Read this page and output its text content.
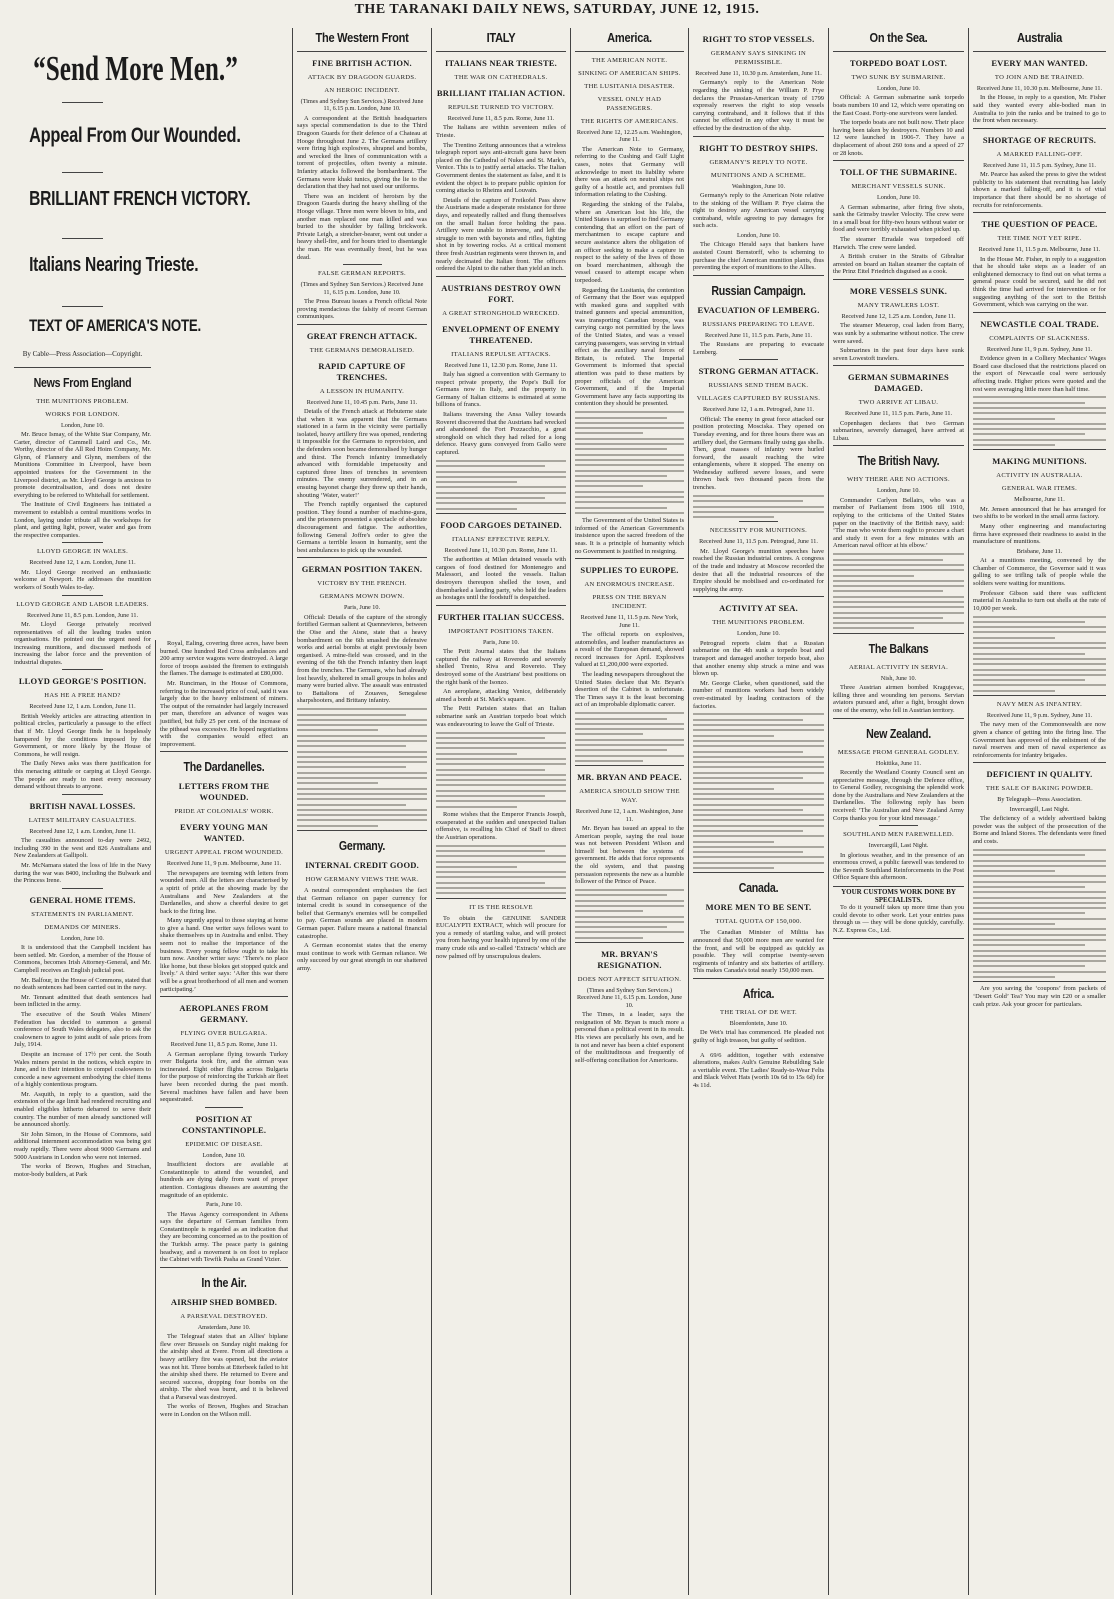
THE TARANAKI DAILY NEWS, SATURDAY, JUNE 12, 1915.
“Send More Men.”
Appeal From Our Wounded.
BRILLIANT FRENCH VICTORY.
Italians Nearing Trieste.
TEXT OF AMERICA'S NOTE.
By Cable—Press Association—Copyright.
News From England
THE MUNITIONS PROBLEM.
WORKS FOR LONDON.
London, June 10.

Mr. Bruce Ismay, of the White Star Company, Mr. Carter, director of Cammell Laird and Co., Mr. Worthy, director of the All Red Hoim Company, Mr. Glynn, of Flannery and Glynn, members of the Munitions Committee in Liverpool, have been appointed trustees for the Government in the Liverpool district, as Mr. Lloyd George is anxious to promote decentralisation, and does not desire everything to be referred to Whitehall for settlement.

The Institute of Civil Engineers has initiated a movement to establish a central munitions works in London, laying under tribute all the workshops for plant, and getting light, power, water and gas from the respective companies.

LLOYD GEORGE IN WALES.
Received June 12, 1 a.m. London, June 11.

Mr. Lloyd George received an enthusiastic welcome at Newport. He addresses the munition workers of South Wales to-day.

LLOYD GEORGE AND LABOR LEADERS.
Received June 11, 8.5 p.m. London, June 11.

Mr. Lloyd George privately received representatives of all the leading trades union organisations. He pointed out the urgent need for increasing munitions, and discussed methods of increasing the labor force and the prevention of industrial disputes.

LLOYD GEORGE'S POSITION.
HAS HE A FREE HAND?
Received June 12, 1 a.m. London, June 11.

British Weekly articles are attracting attention in political circles, particularly a passage to the effect that if Mr. Lloyd George finds he is hopelessly hampered by the conditions imposed by the Government, or more likely by the House of Commons, he will resign.

The Daily News asks was there justification for this menacing attitude or carping at Lloyd George. The people are ready to meet every necessary demand without threats to anyone.

BRITISH NAVAL LOSSES.
LATEST MILITARY CASUALTIES.
Received June 12, 1 a.m. London, June 11.

The casualties announced to-day were 2492, including 390 in the west and 826 Australians and New Zealanders at Gallipoli.

Mr. McNamara stated the loss of life in the Navy during the war was 8400, including the Bulwark and the Princess Irene.

GENERAL HOME ITEMS.
STATEMENTS IN PARLIAMENT.
DEMANDS OF MINERS.
London, June 10.

It is understood that the Campbell incident has been settled. Mr. Gordon, a member of the House of Commons, becomes Irish Attorney-General, and Mr. Campbell receives an English judicial post.

Mr. Balfour, in the House of Commons, stated that no death sentences had been carried out in the navy.

Mr. Tennant admitted that death sentences had been inflicted in the army.

The executive of the South Wales Miners' Federation has decided to summon a general conference of South Wales delegates, also to ask the coalowners to agree to joint audit of sale prices from July, 1914.

Despite an increase of 17½ per cent. the South Wales miners persist in the notices, which expire in June, and in their intention to compel coalowners to concede a new agreement embodying the chief items of a highly contentious program.

Mr. Asquith, in reply to a question, said the extension of the age limit had rendered recruiting and enabled eligibles hitherto debarred to serve their country. The number of men already sanctioned will be announced shortly.

Sir John Simon, in the House of Commons, said additional internment accommodation was being got ready rapidly. There were about 9000 Germans and 5000 Austrians in London who were not interned.

The works of Brown, Hughes and Strachan, motor-body builders, at Park

Royal, Ealing, covering three acres, have been burned. One hundred Red Cross ambulances and 200 army service wagons were destroyed. A large force of troops assisted the firemen to extinguish the flames. The damage is estimated at £80,000.

Mr. Runciman, in the House of Commons, referring to the increased price of coal, said it was largely due to the heavy enlistment of miners. The output of the remainder had largely increased per man, therefore an advance of wages was justified, but fully 25 per cent. of the increase of the pithead was excessive. He hoped negotiations with the companies would effect an improvement.

The Dardanelles.
LETTERS FROM THE WOUNDED.
PRIDE AT COLONIALS' WORK.
EVERY YOUNG MAN WANTED.
URGENT APPEAL FROM WOUNDED.
Received June 11, 9 p.m. Melbourne, June 11.

The newspapers are teeming with letters from wounded men. All the letters are characterised by a spirit of pride at the showing made by the Australians and New Zealanders at the Dardanelles, and show a cheerful desire to get back to the firing line.

Many urgently appeal to those staying at home to give a hand. One writer says fellows want to shake themselves up in Australia and enlist. They seem not to realise the importance of the business. Every young fellow ought to take his turn now. Another writer says: ‘There's no place like home, but these blokes get stopped quick and lively.’ A third writer says: ‘After this war there will be a great brotherhood of all men and women participating.’

AEROPLANES FROM GERMANY.
FLYING OVER BULGARIA.
Received June 11, 8.5 p.m. Rome, June 11.

A German aeroplane flying towards Turkey over Bulgaria took fire, and the airman was incinerated. Eight other flights across Bulgaria for the purpose of reinforcing the Turkish air fleet have been recorded during the past month. Several machines have fallen and have been sequestrated.

POSITION AT CONSTANTINOPLE.
EPIDEMIC OF DISEASE.
London, June 10.

Insufficient doctors are available at Constantinople to attend the wounded, and hundreds are dying daily from want of proper attention. Contagious diseases are assuming the magnitude of an epidemic.

Paris, June 10.

The Havas Agency correspondent in Athens says the departure of German families from Constantinople is regarded as an indication that they are becoming concerned as to the position of the Turkish army. The peace party is gaining headway, and a movement is on foot to replace the Cabinet with Tewfik Pasha as Grand Vizier.

In the Air.
AIRSHIP SHED BOMBED.
A PARSEVAL DESTROYED.
Amsterdam, June 10.

The Telegraaf states that an Allies' biplane flew over Brussels on Sunday night making for the airship shed at Evere. From all directions a heavy artillery fire was opened, but the aviator was not hit. Three bombs at Etterbeek failed to hit the airship shed there. He returned to Evere and secured success, dropping four bombs on the airship. The shed was burnt, and it is believed that a Parseval was destroyed.

The works of Brown, Hughes and Strachan were in London on the Wilson mill.

The Western Front
FINE BRITISH ACTION.
ATTACK BY DRAGOON GUARDS.
AN HEROIC INCIDENT.
(Times and Sydney Sun Services.) Received June 11, 6.15 p.m. London, June 10.

A correspondent at the British headquarters says special commendation is due to the Third Dragoon Guards for their defence of a Chateau at Hooge throughout June 2. The Germans artillery were firing high explosives, shrapnel and bombs, and wrecked the lines of communication with a torrent of projectiles, often twenty a minute. Infantry attacks followed the bombardment. The Germans wore khaki tunics, giving the lie to the declaration that they had not used our uniforms.

There was an incident of heroism by the Dragoon Guards during the heavy shelling of the Hooge village. Three men were blown to bits, and another man replaced one man killed and was buried to the shoulder by falling brickwork. Private Leigh, a stretcher-bearer, went out under a heavy shell-fire, and for hours tried to disentangle the man. He was eventually freed, but he was dead.

FALSE GERMAN REPORTS.
(Times and Sydney Sun Services.) Received June 11, 6.15 p.m. London, June 10.

The Press Bureau issues a French official Note proving mendacious the falsity of recent German communiques.

GREAT FRENCH ATTACK.
THE GERMANS DEMORALISED.
RAPID CAPTURE OF TRENCHES.
A LESSON IN HUMANITY.
Received June 11, 10.45 p.m. Paris, June 11.

Details of the French attack at Hebuterne state that when it was apparent that the Germans stationed in a farm in the vicinity were partially isolated, heavy artillery fire was opened, rendering it impossible for the Germans to reprovision, and the defenders soon became demoralised by hunger and thirst. The French infantry immediately advanced with formidable impetuosity and captured three lines of trenches in seventeen minutes. The enemy surrendered, and in an ensuing bayonet charge they threw up their hands, shouting ‘Water, water!’

The French rapidly organised the captured position. They found a number of machine-guns, and the prisoners presented a spectacle of absolute discouragement and fatigue. The authorities, following General Joffre's order to give the Germans a terrible lesson in humanity, sent the best ambulances to pick up the wounded.

GERMAN POSITION TAKEN.
VICTORY BY THE FRENCH.
GERMANS MOWN DOWN.
Paris, June 10.

Official: Details of the capture of the strongly fortified German salient at Quennevieres, between the Oise and the Aisne, state that a heavy bombardment on the 6th smashed the defensive works and aerial bombs at eight previously been organised. A mine-field was crossed, and in the evening of the 6th the French infantry then leapt from the trenches. The Germans, who had already lost heavily, sheltered in small groups in holes and many were buried alive. The assault was entrusted to Battalions of Zouaves, Senegalese sharpshooters, and Brittany infantry.

Germany.
INTERNAL CREDIT GOOD.
HOW GERMANY VIEWS THE WAR.

A neutral correspondent emphasises the fact that German reliance on paper currency for internal credit is sound in consequence of the belief that Germany's enemies will be compelled to pay. German sounds are placed in modern German paper. Failure means a national financial catastrophe.

A German economist states that the enemy must continue to work with German reliance. We only succeed by our great strength in our shattered army.

ITALY
ITALIANS NEAR TRIESTE.
THE WAR ON CATHEDRALS.
BRILLIANT ITALIAN ACTION.
REPULSE TURNED TO VICTORY.
Received June 11, 8.5 p.m. Rome, June 11.

The Italians are within seventeen miles of Trieste.

The Trentino Zeitung announces that a wireless telegraph report says anti-aircraft guns have been placed on the Cathedral of Nukes and St. Mark's, Venice. This is to justify aerial attacks. The Italian Government denies the statement as false, and it is evident the object is to prepare public opinion for coming attacks to Rheims and Louvain.

Details of the capture of Freikofel Pass show the Austrians made a desperate resistance for three days, and repeatedly rallied and flung themselves on the small Italian force holding the pass. Artillery were unable to intervene, and left the struggle to men with bayonets and rifles, fighting shot in by towering rocks. At a critical moment three fresh Austrian regiments were thrown in, and nearly decimated the Italian front. The officers ordered the Alpini to die rather than yield an inch.

AUSTRIANS DESTROY OWN FORT.
A GREAT STRONGHOLD WRECKED.
ENVELOPMENT OF ENEMY THREATENED.
ITALIANS REPULSE ATTACKS.
Received June 11, 12.30 p.m. Rome, June 11.

Italy has signed a convention with Germany to respect private property, the Pope's Bull for Germans now in Italy, and the property in Germany of Italian citizens is estimated at some billions of francs.

Italians traversing the Ansa Valley towards Roveret discovered that the Austrians had wrecked and abandoned the Fort Pozzacchio, a great stronghold on which they had relied for a long defence. Heavy guns conveyed from Gallo were captured.

FOOD CARGOES DETAINED.
ITALIANS' EFFECTIVE REPLY.
Received June 11, 10.30 p.m. Rome, June 11.

The authorities at Milan detained vessels with cargoes of food destined for Montenegro and Malessori, and looted the vessels. Italian destroyers thereupon shelled the town, and disembarked a landing party, who held the leaders as hostages until the foodstuff is despatched.

FURTHER ITALIAN SUCCESS.
IMPORTANT POSITIONS TAKEN.
Paris, June 10.

The Petit Journal states that the Italians captured the railway at Roveredo and severely shelled Trento, Riva and Rovereto. They destroyed some of the Austrians' best positions on the right bank of the Isonzo.

An aeroplane, attacking Venice, deliberately aimed a bomb at St. Mark's square.

The Petit Parisien states that an Italian submarine sank an Austrian torpedo boat which was endeavouring to leave the Gulf of Trieste.

Rome wishes that the Emperor Francis Joseph, exasperated at the sudden and unexpected Italian offensive, is recalling his Chief of Staff to direct the Austrian operations.

IT IS THE RESOLVE

To obtain the GENUINE SANDER EUCALYPTI EXTRACT, which will procure for you a remedy of startling value, and will protect you from having your health injured by one of the many crude oils and so-called ‘Extracts’ which are now palmed off by unscrupulous dealers.

America.
THE AMERICAN NOTE.
SINKING OF AMERICAN SHIPS.
THE LUSITANIA DISASTER.
VESSEL ONLY HAD PASSENGERS.
THE RIGHTS OF AMERICANS.
Received June 12, 12.25 a.m. Washington, June 11.

The American Note to Germany, referring to the Cushing and Gulf Light cases, notes that Germany will acknowledge to meet its liability where there was an attack on neutral ships not guilty of a hostile act, and promises full information relating to the Cushing.

Regarding the sinking of the Falaba, where an American lost his life, the United States is surprised to find Germany contending that an effort on the part of merchantmen to escape capture and secure assistance alters the obligation of an officer seeking to make a capture in respect to the safety of the lives of those on board merchantmen, although the vessel ceased to attempt escape when torpedoed.

Regarding the Lusitania, the contention of Germany that the Boer was equipped with masked guns and supplied with trained gunners and special ammunition, was transporting Canadian troops, was carrying cargo not permitted by the laws of the United States, and was a vessel carrying passengers, was serving in virtual effect as the auxiliary naval forces of Britain, is refuted. The Imperial Government is informed that special attention was paid to these matters by proper officials of the American Government, and if the Imperial Government have any facts supporting its contention they should be presented.

The Government of the United States is informed of the American Government's insistence upon the sacred freedom of the seas. It is a principle of humanity which no Government is justified in resigning.

SUPPLIES TO EUROPE.
AN ENORMOUS INCREASE.
PRESS ON THE BRYAN INCIDENT.
Received June 11, 11.5 p.m. New York, June 11.

The official reports on explosives, automobiles, and leather manufactures as a result of the European demand, showed record increases for April. Explosives valued at £1,200,000 were exported.

The leading newspapers throughout the United States declare that Mr. Bryan's desertion of the Cabinet is unfortunate. The Times says it is the least becoming act of an improbable diplomatic career.

MR. BRYAN AND PEACE.
AMERICA SHOULD SHOW THE WAY.
Received June 12, 1 a.m. Washington, June 11.

Mr. Bryan has issued an appeal to the American people, saying the real issue was not between President Wilson and himself but between the systems of government. He adds that force represents the old system, and that passing persuasion represents the new as a humble follower of the Prince of Peace.

MR. BRYAN'S RESIGNATION.
DOES NOT AFFECT SITUATION.
(Times and Sydney Sun Services.) Received June 11, 6.15 p.m. London, June 10.

The Times, in a leader, says the resignation of Mr. Bryan is much more a personal than a political event in its result. His views are peculiarly his own, and he is not and never has been a chief exponent of the multitudinous and frequently of self-offering conciliation for Americans.

RIGHT TO STOP VESSELS.
GERMANY SAYS SINKING IN PERMISSIBLE.
Received June 11, 10.30 p.m. Amsterdam, June 11.

Germany's reply to the American Note regarding the sinking of the William P. Frye declares the Prussian-American treaty of 1799 expressly reserves the right to stop vessels carrying contraband, and it follows that if this cannot be effected in any other way it must be effected by the destruction of the ship.

RIGHT TO DESTROY SHIPS.
GERMANY'S REPLY TO NOTE.
MUNITIONS AND A SCHEME.
Washington, June 10.

Germany's reply to the American Note relative to the sinking of the William P. Frye claims the right to destroy any American vessel carrying contraband, while agreeing to pay damages for such acts.

London, June 10.

The Chicago Herald says that bankers have assisted Count Bernstorff, who is scheming to purchase the chief American munition plants, thus preventing the export of munitions to the Allies.

Russian Campaign.
EVACUATION OF LEMBERG.
RUSSIANS PREPARING TO LEAVE.
Received June 11, 11.5 p.m. Paris, June 11.

The Russians are preparing to evacuate Lemberg.

STRONG GERMAN ATTACK.
RUSSIANS SEND THEM BACK.
VILLAGES CAPTURED BY RUSSIANS.
Received June 12, 1 a.m. Petrograd, June 11.

Official: The enemy in great force attacked our position protecting Mosciska. They opened on Tuesday evening, and for three hours there was an artillery duel, the Germans finally using gas shells. Then, great masses of infantry were hurled forward, the assault reaching the wire entanglements, where it stopped. The enemy on Wednesday suffered severe losses, and were thrown back two thousand paces from the trenches.

NECESSITY FOR MUNITIONS.
Received June 11, 11.5 p.m. Petrograd, June 11.

Mr. Lloyd George's munition speeches have reached the Russian industrial centres. A congress of the trade and industry at Moscow recorded the desire that all the industrial resources of the Empire should be mobilised and co-ordinated for supplying the army.

ACTIVITY AT SEA.
THE MUNITIONS PROBLEM.
London, June 10.

Petrograd reports claim that a Russian submarine on the 4th sunk a torpedo boat and transport and damaged another torpedo boat, also that another enemy ship struck a mine and was blown up.

Mr. George Clarke, when questioned, said the number of munitions workers had been widely over-estimated by leading contractors of the factories.

Canada.
MORE MEN TO BE SENT.
TOTAL QUOTA OF 150,000.

The Canadian Minister of Militia has announced that 50,000 more men are wanted for the front, and will be equipped as quickly as possible. They will comprise twenty-seven regiments of infantry and six batteries of artillery. This makes Canada's total nearly 150,000 men.

Africa.
THE TRIAL OF DE WET.
Bloemfontein, June 10.

De Wet's trial has commenced. He pleaded not guilty of high treason, but guilty of sedition.

A 69/6 addition, together with extensive alterations, makes Ault's Genuine Rebuilding Sale a veritable event. The Ladies' Ready-to-Wear Felts and Black Velvet Hats (worth 10s 6d to 15s 6d) for 4s 11d.

On the Sea.
TORPEDO BOAT LOST.
TWO SUNK BY SUBMARINE.
London, June 10.

Official: A German submarine sank torpedo boats numbers 10 and 12, which were operating on the East Coast. Forty-one survivors were landed.

The torpedo boats are not built now. Their place having been taken by destroyers. Numbers 10 and 12 were launched in 1906-7. They have a displacement of about 260 tons and a speed of 27 or 28 knots.

TOLL OF THE SUBMARINE.
MERCHANT VESSELS SUNK.
London, June 10.

A German submarine, after firing five shots, sank the Grimsby trawler Velocity. The crew were in a small boat for fifty-two hours without water or food and were terribly exhausted when picked up.

The steamer Erradale was torpedoed off Harwich. The crew were landed.

A British cruiser in the Straits of Gibraltar arrested on board an Italian steamer the captain of the Prinz Eitel Friedrich disguised as a cook.

MORE VESSELS SUNK.
MANY TRAWLERS LOST.
Received June 12, 1.25 a.m. London, June 11.

The steamer Meuerop, coal laden from Barry, was sunk by a submarine without notice. The crew were saved.

Submarines in the past four days have sunk seven Lowestoft trawlers.

GERMAN SUBMARINES DAMAGED.
TWO ARRIVE AT LIBAU.
Received June 11, 11.5 p.m. Paris, June 11.

Copenhagen declares that two German submarines, severely damaged, have arrived at Libau.

The British Navy.
WHY THERE ARE NO ACTIONS.
London, June 10.

Commander Carlyon Bellairs, who was a member of Parliament from 1906 till 1910, replying to the criticisms of the United States paper on the inactivity of the British navy, said: ‘The man who wrote them ought to procure a chart and study it even for a few minutes with an American naval officer at his elbow.’

The Balkans
AERIAL ACTIVITY IN SERVIA.
Nish, June 10.

Three Austrian airmen bombed Kragujevac, killing three and wounding ten persons. Servian aviators pursued and, after a fight, brought down one of the enemy, who fell in Austrian territory.

New Zealand.
MESSAGE FROM GENERAL GODLEY.
Hokitika, June 11.

Recently the Westland County Council sent an appreciative message, through the Defence office, to General Godley, recognising the splendid work done by the Australians and New Zealanders at the Dardanelles. The following reply has been received: ‘The Australian and New Zealand Army Corps thanks you for your kind message.’

SOUTHLAND MEN FAREWELLED.
Invercargill, Last Night.

In glorious weather, and in the presence of an enormous crowd, a public farewell was tendered to the Seventh Southland Reinforcements in the Post Office Square this afternoon.

YOUR CUSTOMS WORK DONE BY SPECIALISTS.

To do it yourself takes up more time than you could devote to other work. Let your entries pass through us — they will be done quickly, carefully. N.Z. Express Co., Ltd.

Australia
EVERY MAN WANTED.
TO JOIN AND BE TRAINED.
Received June 11, 10.30 p.m. Melbourne, June 11.

In the House, in reply to a question, Mr. Fisher said they wanted every able-bodied man in Australia to join the ranks and be trained to go to the front when necessary.

SHORTAGE OF RECRUITS.
A MARKED FALLING-OFF.
Received June 11, 11.5 p.m. Sydney, June 11.

Mr. Pearce has asked the press to give the widest publicity to his statement that recruiting has lately shown a marked falling-off, and it is of vital importance that there should be no shortage of recruits for reinforcements.

THE QUESTION OF PEACE.
THE TIME NOT YET RIPE.
Received June 11, 11.5 p.m. Melbourne, June 11.

In the House Mr. Fisher, in reply to a suggestion that he should take steps as a leader of an enlightened democracy to find out on what terms a general peace could be secured, said he did not think the time had arrived for intervention or for suggesting anything of the sort to the British Government, which was carrying on the war.

NEWCASTLE COAL TRADE.
COMPLAINTS OF SLACKNESS.
Received June 11, 9 p.m. Sydney, June 11.

Evidence given in a Colliery Mechanics' Wages Board case disclosed that the restrictions placed on the export of Newcastle coal were seriously affecting trade. Higher prices were quoted and the rest were averaging little more than half time.

MAKING MUNITIONS.
ACTIVITY IN AUSTRALIA.
GENERAL WAR ITEMS.
Melbourne, June 11.

Mr. Jensen announced that he has arranged for two shifts to be worked in the small arms factory.

Many other engineering and manufacturing firms have expressed their readiness to assist in the manufacture of munitions.

Brisbane, June 11.

At a munitions meeting, convened by the Chamber of Commerce, the Governor said it was galling to see trifling talk of people while the soldiers were waiting for munitions.

Professor Gibson said there was sufficient material in Australia to turn out shells at the rate of 10,000 per week.

NAVY MEN AS INFANTRY.
Received June 11, 9 p.m. Sydney, June 11.

The navy men of the Commonwealth are now given a chance of getting into the firing line. The Government has approved of the enlistment of the naval reserves and men of naval experience as reinforcements for infantry brigades.

DEFICIENT IN QUALITY.
THE SALE OF BAKING POWDER.
By Telegraph—Press Association.
Invercargill, Last Night.

The deficiency of a widely advertised baking powder was the subject of the prosecution of the Borne and Inland Stores. The defendants were fined and costs.

Are you saving the ‘coupons’ from packets of ‘Desert Gold’ Tea? You may win £20 or a smaller cash prize. Ask your grocer for particulars.
